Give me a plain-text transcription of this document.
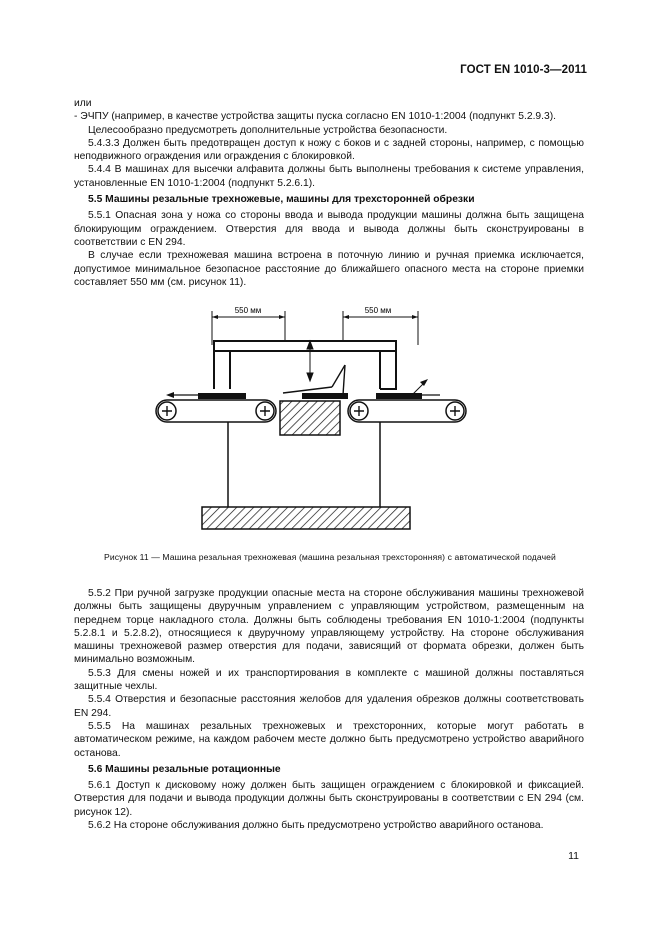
ГОСТ EN 1010-3—2011

или

- ЭЧПУ (например, в качестве устройства защиты пуска согласно EN 1010-1:2004 (подпункт 5.2.9.3).

Целесообразно предусмотреть дополнительные устройства безопасности.

5.4.3.3 Должен быть предотвращен доступ к ножу с боков и с задней стороны, например, с помощью неподвижного ограждения или ограждения с блокировкой.

5.4.4 В машинах для высечки алфавита должны быть выполнены требования к системе управления, установленные EN 1010-1:2004 (подпункт 5.2.6.1).

5.5 Машины резальные трехножевые, машины для трехсторонней обрезки

5.5.1 Опасная зона у ножа со стороны ввода и вывода продукции машины должна быть защищена блокирующим ограждением. Отверстия для ввода и вывода должны быть сконструированы в соответствии с EN 294.

В случае если трехножевая машина встроена в поточную линию и ручная приемка исключается, допустимое минимальное безопасное расстояние до ближайшего опасного места на стороне приемки составляет 550 мм (см. рисунок 11).

550 мм	550 мм
Рисунок 11 — Машина резальная трехножевая (машина резальная трехсторонняя) с автоматической подачей

5.5.2 При ручной загрузке продукции опасные места на стороне обслуживания машины трехножевой должны быть защищены двуручным управлением с управляющим устройством, размещенным на переднем торце накладного стола. Должны быть соблюдены требования EN 1010-1:2004 (подпункты 5.2.8.1 и 5.2.8.2), относящиеся к двуручному управляющему устройству. На стороне обслуживания машины трехножевой размер отверстия для подачи, зависящий от формата обрезки, должен быть минимально возможным.

5.5.3 Для смены ножей и их транспортирования в комплекте с машиной должны поставляться защитные чехлы.

5.5.4 Отверстия и безопасные расстояния желобов для удаления обрезков должны соответствовать EN 294.

5.5.5 На машинах резальных трехножевых и трехсторонних, которые могут работать в автоматическом режиме, на каждом рабочем месте должно быть предусмотрено устройство аварийного останова.

5.6 Машины резальные ротационные

5.6.1 Доступ к дисковому ножу должен быть защищен ограждением с блокировкой и фиксацией. Отверстия для подачи и вывода продукции должны быть сконструированы в соответствии с EN 294 (см. рисунок 12).

5.6.2 На стороне обслуживания должно быть предусмотрено устройство аварийного останова.

11
